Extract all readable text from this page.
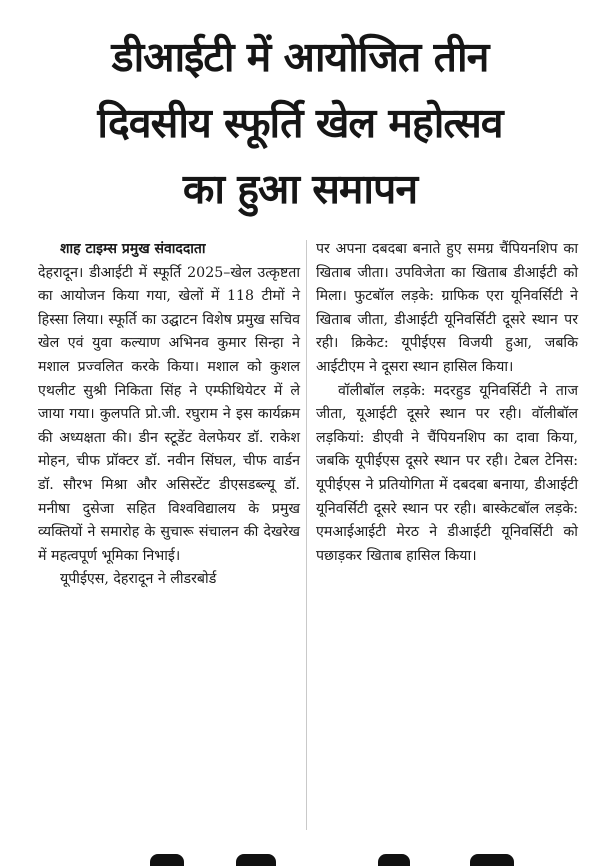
डीआईटी में आयोजित तीन
दिवसीय स्फूर्ति खेल महोत्सव
का हुआ समापन

शाह टाइम्स प्रमुख संवाददाता

देहरादून। डीआईटी में स्फूर्ति 2025–खेल उत्कृष्टता का आयोजन किया गया, खेलों में 118 टीमों ने हिस्सा लिया। स्फूर्ति का उद्घाटन विशेष प्रमुख सचिव खेल एवं युवा कल्याण अभिनव कुमार सिन्हा ने मशाल प्रज्वलित करके किया। मशाल को कुशल एथलीट सुश्री निकिता सिंह ने एम्फीथियेटर में ले जाया गया। कुलपति प्रो.जी. रघुराम ने इस कार्यक्रम की अध्यक्षता की। डीन स्टूडेंट वेलफेयर डॉ. राकेश मोहन, चीफ प्रॉक्टर डॉ. नवीन सिंघल, चीफ वार्डन डॉ. सौरभ मिश्रा और असिस्टेंट डीएसडब्ल्यू डॉ. मनीषा दुसेजा सहित विश्वविद्यालय के प्रमुख व्यक्तियों ने समारोह के सुचारू संचालन की देखरेख में महत्वपूर्ण भूमिका निभाई।

यूपीईएस, देहरादून ने लीडरबोर्ड

पर अपना दबदबा बनाते हुए समग्र चैंपियनशिप का खिताब जीता। उपविजेता का खिताब डीआईटी को मिला। फुटबॉल लड़के: ग्राफिक एरा यूनिवर्सिटी ने खिताब जीता, डीआईटी यूनिवर्सिटी दूसरे स्थान पर रही। क्रिकेट: यूपीईएस विजयी हुआ, जबकि आईटीएम ने दूसरा स्थान हासिल किया।

वॉलीबॉल लड़के: मदरहुड यूनिवर्सिटी ने ताज जीता, यूआईटी दूसरे स्थान पर रही। वॉलीबॉल लड़कियां: डीएवी ने चैंपियनशिप का दावा किया, जबकि यूपीईएस दूसरे स्थान पर रही। टेबल टेनिस: यूपीईएस ने प्रतियोगिता में दबदबा बनाया, डीआईटी यूनिवर्सिटी दूसरे स्थान पर रही। बास्केटबॉल लड़के: एमआईआईटी मेरठ ने डीआईटी यूनिवर्सिटी को पछाड़कर खिताब हासिल किया।
